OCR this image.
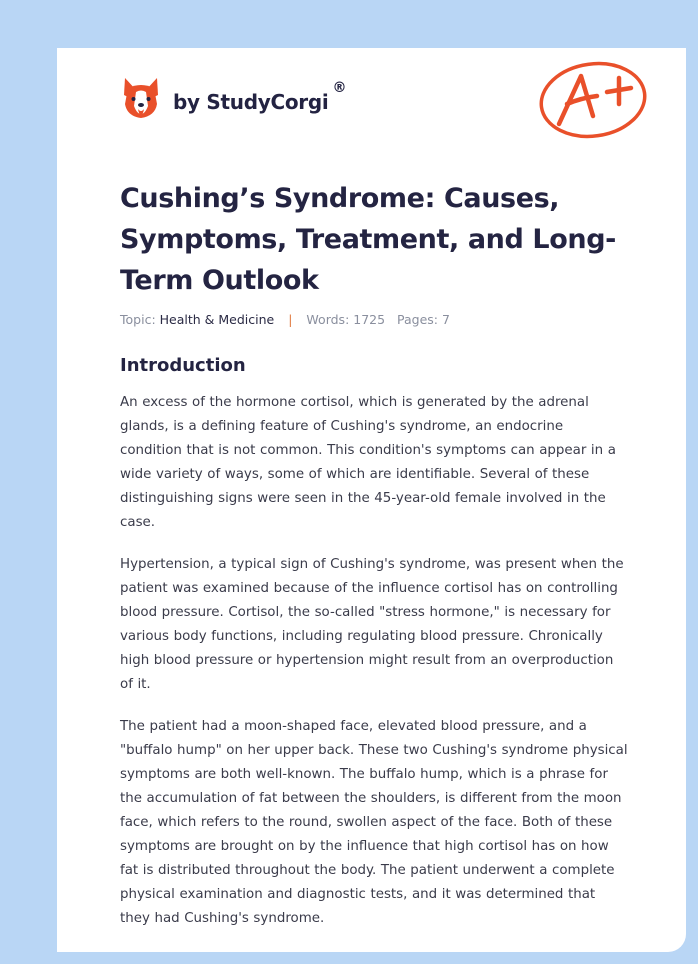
by StudyCorgi
®
Cushing’s Syndrome: Causes, Symptoms, Treatment, and Long-Term Outlook
Topic: Health & Medicine | Words: 1725 Pages: 7
Introduction

An excess of the hormone cortisol, which is generated by the adrenal glands, is a defining feature of Cushing's syndrome, an endocrine condition that is not common. This condition's symptoms can appear in a wide variety of ways, some of which are identifiable. Several of these distinguishing signs were seen in the 45-year-old female involved in the case.

Hypertension, a typical sign of Cushing's syndrome, was present when the patient was examined because of the influence cortisol has on controlling blood pressure. Cortisol, the so-called "stress hormone," is necessary for various body functions, including regulating blood pressure. Chronically high blood pressure or hypertension might result from an overproduction of it.

The patient had a moon-shaped face, elevated blood pressure, and a "buffalo hump" on her upper back. These two Cushing's syndrome physical symptoms are both well-known. The buffalo hump, which is a phrase for the accumulation of fat between the shoulders, is different from the moon face, which refers to the round, swollen aspect of the face. Both of these symptoms are brought on by the influence that high cortisol has on how fat is distributed throughout the body. The patient underwent a complete physical examination and diagnostic tests, and it was determined that they had Cushing's syndrome.
